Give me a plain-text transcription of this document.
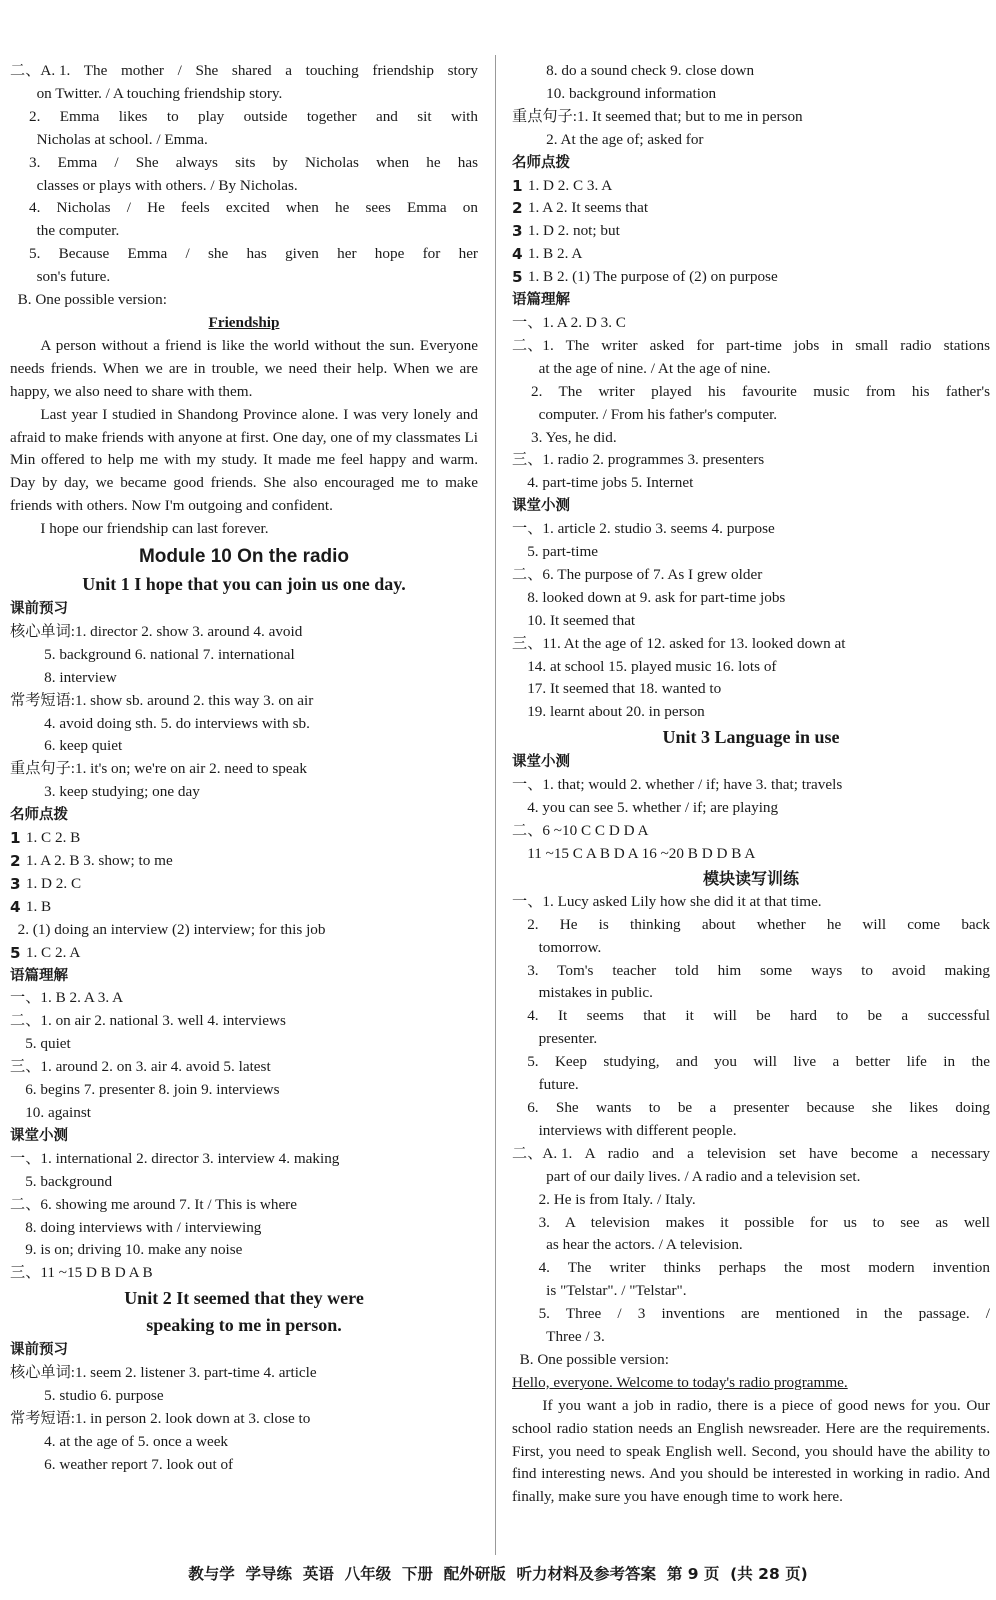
二、A. 1. The mother / She shared a touching friendship story

on Twitter. / A touching friendship story.

2. Emma likes to play outside together and sit with

Nicholas at school. / Emma.

3. Emma / She always sits by Nicholas when he has

classes or plays with others. / By Nicholas.

4. Nicholas / He feels excited when he sees Emma on

the computer.

5. Because Emma / she has given her hope for her

son's future.

B. One possible version:
Friendship
A person without a friend is like the world without the sun. Everyone needs friends. When we are in trouble, we need their help. When we are happy, we also need to share with them.
Last year I studied in Shandong Province alone. I was very lonely and afraid to make friends with anyone at first. One day, one of my classmates Li Min offered to help me with my study. It made me feel happy and warm. Day by day, we became good friends. She also encouraged me to make friends with others. Now I'm outgoing and confident.
I hope our friendship can last forever.
Module 10 On the radio
Unit 1 I hope that you can join us one day.
课前预习
核心单词: 1. director 2. show 3. around 4. avoid

5. background 6. national 7. international

8. interview
常考短语: 1. show sb. around 2. this way 3. on air

4. avoid doing sth. 5. do interviews with sb.

6. keep quiet
重点句子: 1. it's on; we're on air 2. need to speak

3. keep studying; one day
名师点拨
1 1. C 2. B
2 1. A 2. B 3. show; to me
3 1. D 2. C
4 1. B

2. (1) doing an interview (2) interview; for this job
5 1. C 2. A
语篇理解
一、 1. B 2. A 3. A
二、 1. on air 2. national 3. well 4. interviews

5. quiet
三、 1. around 2. on 3. air 4. avoid 5. latest

6. begins 7. presenter 8. join 9. interviews

10. against
课堂小测
一、 1. international 2. director 3. interview 4. making

5. background
二、 6. showing me around 7. It / This is where

8. doing interviews with / interviewing

9. is on; driving 10. make any noise
三、 11 ~15 D B D A B
Unit 2 It seemed that they were
speaking to me in person.
课前预习
核心单词: 1. seem 2. listener 3. part-time 4. article

5. studio 6. purpose
常考短语: 1. in person 2. look down at 3. close to

4. at the age of 5. once a week

6. weather report 7. look out of

8. do a sound check 9. close down

10. background information
重点句子: 1. It seemed that; but to me in person

2. At the age of; asked for
名师点拨
1 1. D 2. C 3. A
2 1. A 2. It seems that
3 1. D 2. not; but
4 1. B 2. A
5 1. B 2. (1) The purpose of (2) on purpose
语篇理解
一、 1. A 2. D 3. C
二、 1. The writer asked for part-time jobs in small radio stations

at the age of nine. / At the age of nine.

2. The writer played his favourite music from his father's

computer. / From his father's computer.

3. Yes, he did.
三、 1. radio 2. programmes 3. presenters

4. part-time jobs 5. Internet
课堂小测
一、 1. article 2. studio 3. seems 4. purpose

5. part-time
二、 6. The purpose of 7. As I grew older

8. looked down at 9. ask for part-time jobs

10. It seemed that
三、 11. At the age of 12. asked for 13. looked down at

14. at school 15. played music 16. lots of

17. It seemed that 18. wanted to

19. learnt about 20. in person
Unit 3 Language in use
课堂小测
一、 1. that; would 2. whether / if; have 3. that; travels

4. you can see 5. whether / if; are playing
二、 6 ~10 C C D D A

11 ~15 C A B D A 16 ~20 B D D B A
模块读写训练
一、 1. Lucy asked Lily how she did it at that time.

2. He is thinking about whether he will come back

tomorrow.

3. Tom's teacher told him some ways to avoid making

mistakes in public.

4. It seems that it will be hard to be a successful

presenter.

5. Keep studying, and you will live a better life in the

future.

6. She wants to be a presenter because she likes doing

interviews with different people.
二、A. 1. A radio and a television set have become a necessary

part of our daily lives. / A radio and a television set.

2. He is from Italy. / Italy.

3. A television makes it possible for us to see as well

as hear the actors. / A television.

4. The writer thinks perhaps the most modern invention

is "Telstar". / "Telstar".

5. Three / 3 inventions are mentioned in the passage. /

Three / 3.

B. One possible version:
Hello, everyone. Welcome to today's radio programme.
If you want a job in radio, there is a piece of good news for you. Our school radio station needs an English newsreader. Here are the requirements. First, you need to speak English well. Second, you should have the ability to find interesting news. And you should be interested in working in radio. And finally, make sure you have enough time to work here.
教与学  学导练  英语  八年级  下册  配外研版  听力材料及参考答案  第 9 页  (共 28 页)
